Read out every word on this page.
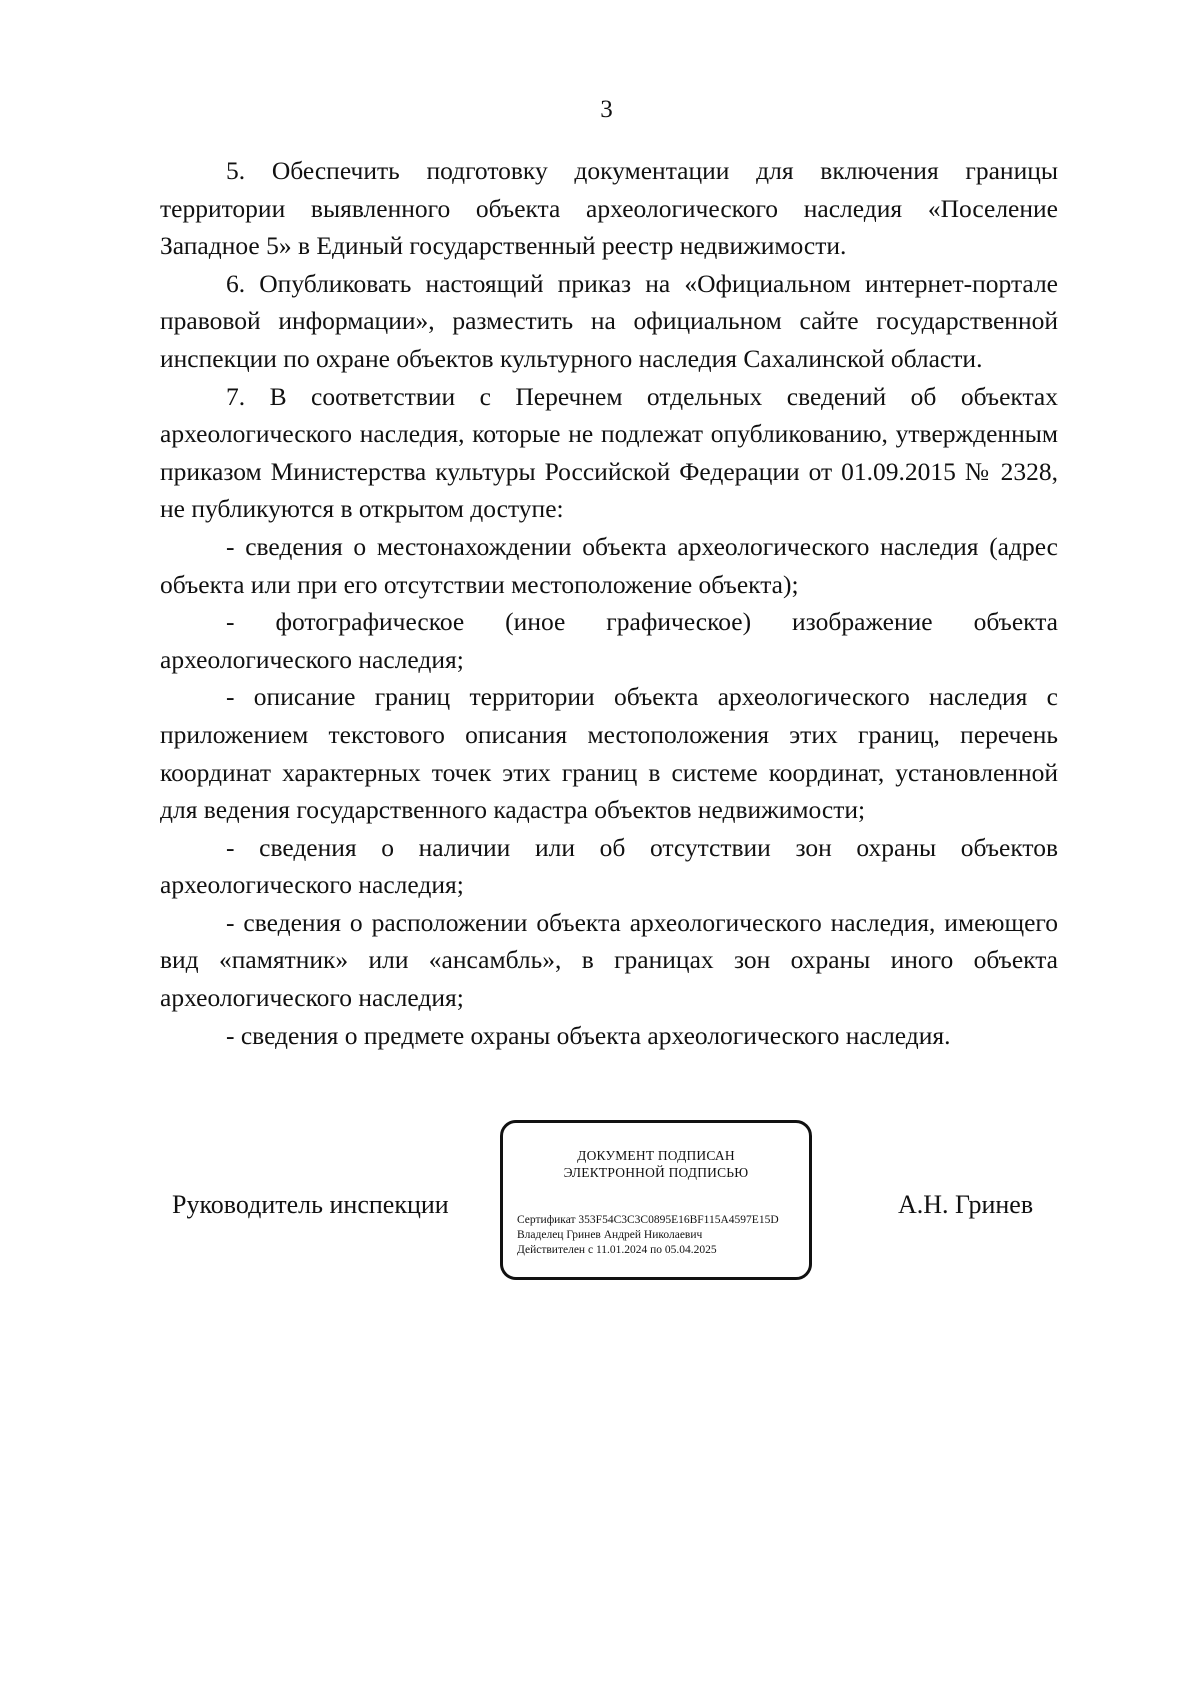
3

5. Обеспечить подготовку документации для включения границы территории выявленного объекта археологического наследия «Поселение Западное 5» в Единый государственный реестр недвижимости.

6. Опубликовать настоящий приказ на «Официальном интернет-портале правовой информации», разместить на официальном сайте государственной инспекции по охране объектов культурного наследия Сахалинской области.

7. В соответствии с Перечнем отдельных сведений об объектах археологического наследия, которые не подлежат опубликованию, утвержденным приказом Министерства культуры Российской Федерации от 01.09.2015 № 2328, не публикуются в открытом доступе:

- сведения о местонахождении объекта археологического наследия (адрес объекта или при его отсутствии местоположение объекта);

- фотографическое (иное графическое) изображение объекта археологического наследия;

- описание границ территории объекта археологического наследия с приложением текстового описания местоположения этих границ, перечень координат характерных точек этих границ в системе координат, установленной для ведения государственного кадастра объектов недвижимости;

- сведения о наличии или об отсутствии зон охраны объектов археологического наследия;

- сведения о расположении объекта археологического наследия, имеющего вид «памятник» или «ансамбль», в границах зон охраны иного объекта археологического наследия;

- сведения о предмете охраны объекта археологического наследия.

Руководитель инспекции
ДОКУМЕНТ ПОДПИСАН
ЭЛЕКТРОННОЙ ПОДПИСЬЮ
Сертификат 353F54C3C3C0895E16BF115A4597E15D
Владелец Гринев Андрей Николаевич
Действителен с 11.01.2024 по 05.04.2025
А.Н. Гринев
